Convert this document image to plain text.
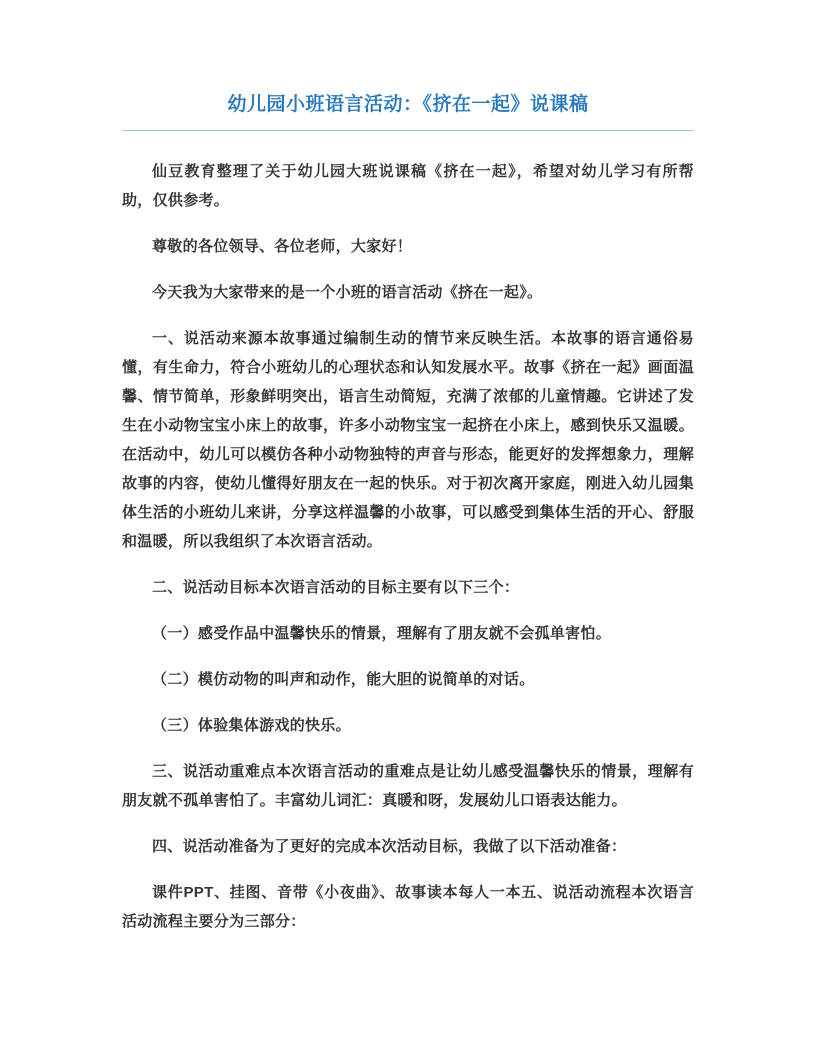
幼儿园小班语言活动：《挤在一起》说课稿

仙豆教育整理了关于幼儿园大班说课稿《挤在一起》，希望对幼儿学习有所帮助，仅供参考。

尊敬的各位领导、各位老师，大家好！

今天我为大家带来的是一个小班的语言活动《挤在一起》。

一、说活动来源本故事通过编制生动的情节来反映生活。本故事的语言通俗易懂，有生命力，符合小班幼儿的心理状态和认知发展水平。故事《挤在一起》画面温馨、情节简单，形象鲜明突出，语言生动简短，充满了浓郁的儿童情趣。它讲述了发生在小动物宝宝小床上的故事，许多小动物宝宝一起挤在小床上，感到快乐又温暖。在活动中，幼儿可以模仿各种小动物独特的声音与形态，能更好的发挥想象力，理解故事的内容，使幼儿懂得好朋友在一起的快乐。对于初次离开家庭，刚进入幼儿园集体生活的小班幼儿来讲，分享这样温馨的小故事，可以感受到集体生活的开心、舒服和温暖，所以我组织了本次语言活动。

二、说活动目标本次语言活动的目标主要有以下三个：

（一）感受作品中温馨快乐的情景，理解有了朋友就不会孤单害怕。

（二）模仿动物的叫声和动作，能大胆的说简单的对话。

（三）体验集体游戏的快乐。

三、说活动重难点本次语言活动的重难点是让幼儿感受温馨快乐的情景，理解有朋友就不孤单害怕了。丰富幼儿词汇：真暖和呀，发展幼儿口语表达能力。

四、说活动准备为了更好的完成本次活动目标，我做了以下活动准备：

课件PPT、挂图、音带《小夜曲》、故事读本每人一本五、说活动流程本次语言活动流程主要分为三部分：
